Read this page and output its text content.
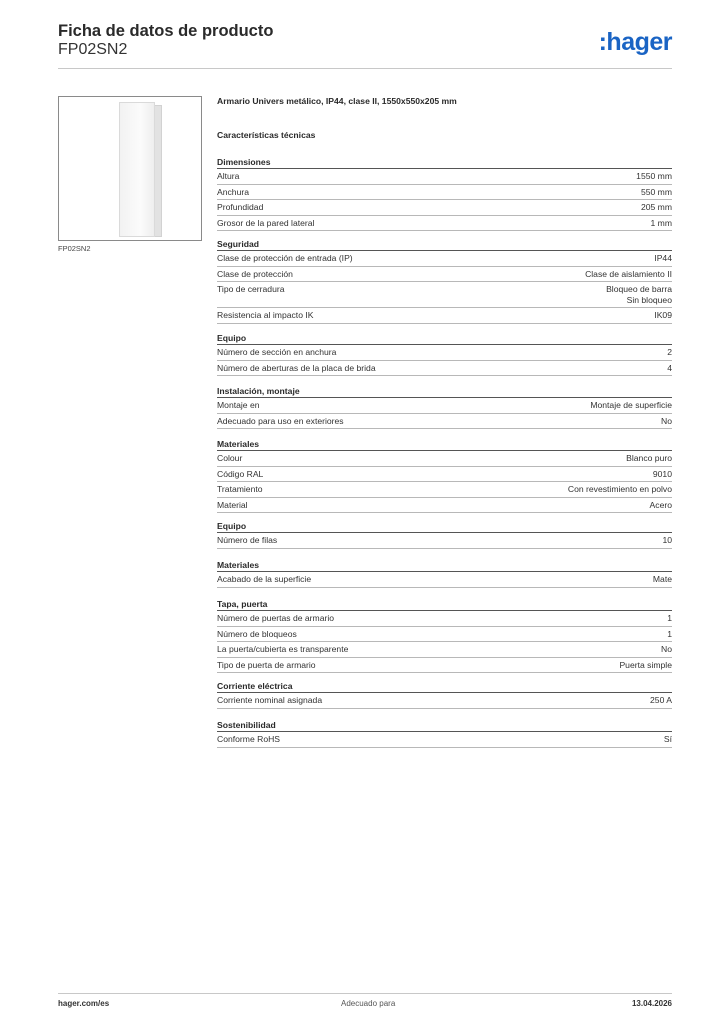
Ficha de datos de producto
FP02SN2	:hager
FP02SN2
Armario Univers metálico, IP44, clase II, 1550x550x205 mm
Características técnicas
Dimensiones
Altura	1550 mm
Anchura	550 mm
Profundidad	205 mm
Grosor de la pared lateral	1 mm
Seguridad
Clase de protección de entrada (IP)	IP44
Clase de protección	Clase de aislamiento II
Tipo de cerradura	Bloqueo de barra
Sin bloqueo
Resistencia al impacto IK	IK09
Equipo
Número de sección en anchura	2
Número de aberturas de la placa de brida	4
Instalación, montaje
Montaje en	Montaje de superficie
Adecuado para uso en exteriores	No
Materiales
Colour	Blanco puro
Código RAL	9010
Tratamiento	Con revestimiento en polvo
Material	Acero
Equipo
Número de filas	10
Materiales
Acabado de la superficie	Mate
Tapa, puerta
Número de puertas de armario	1
Número de bloqueos	1
La puerta/cubierta es transparente	No
Tipo de puerta de armario	Puerta simple
Corriente eléctrica
Corriente nominal asignada	250 A
Sostenibilidad
Conforme RoHS	Sí
hager.com/es	Adecuado para	13.04.2026
